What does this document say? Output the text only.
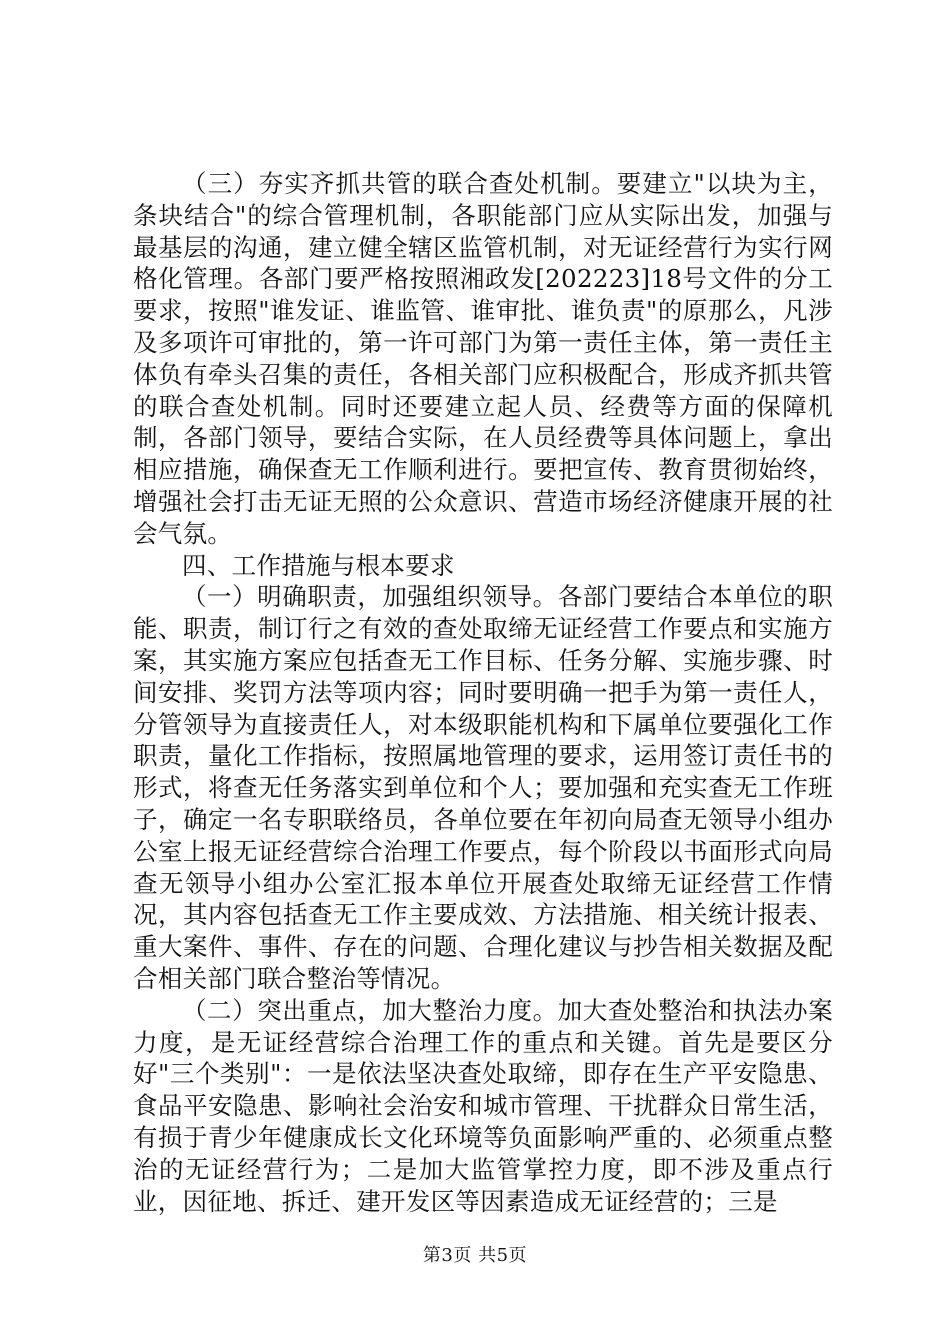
（三）夯实齐抓共管的联合查处机制。要建立"以块为主，条块结合"的综合管理机制，各职能部门应从实际出发，加强与最基层的沟通，建立健全辖区监管机制，对无证经营行为实行网格化管理。各部门要严格按照湘政发[202223]18号文件的分工要求，按照"谁发证、谁监管、谁审批、谁负责"的原那么，凡涉及多项许可审批的，第一许可部门为第一责任主体，第一责任主体负有牵头召集的责任，各相关部门应积极配合，形成齐抓共管的联合查处机制。同时还要建立起人员、经费等方面的保障机制，各部门领导，要结合实际，在人员经费等具体问题上，拿出相应措施，确保查无工作顺利进行。要把宣传、教育贯彻始终，增强社会打击无证无照的公众意识、营造市场经济健康开展的社会气氛。

四、工作措施与根本要求

（一）明确职责，加强组织领导。各部门要结合本单位的职能、职责，制订行之有效的查处取缔无证经营工作要点和实施方案，其实施方案应包括查无工作目标、任务分解、实施步骤、时间安排、奖罚方法等项内容；同时要明确一把手为第一责任人，分管领导为直接责任人，对本级职能机构和下属单位要强化工作职责，量化工作指标，按照属地管理的要求，运用签订责任书的形式，将查无任务落实到单位和个人；要加强和充实查无工作班子，确定一名专职联络员，各单位要在年初向局查无领导小组办公室上报无证经营综合治理工作要点，每个阶段以书面形式向局查无领导小组办公室汇报本单位开展查处取缔无证经营工作情况，其内容包括查无工作主要成效、方法措施、相关统计报表、重大案件、事件、存在的问题、合理化建议与抄告相关数据及配合相关部门联合整治等情况。

（二）突出重点，加大整治力度。加大查处整治和执法办案力度，是无证经营综合治理工作的重点和关键。首先是要区分好"三个类别"：一是依法坚决查处取缔，即存在生产平安隐患、食品平安隐患、影响社会治安和城市管理、干扰群众日常生活，有损于青少年健康成长文化环境等负面影响严重的、必须重点整治的无证经营行为；二是加大监管掌控力度，即不涉及重点行业，因征地、拆迁、建开发区等因素造成无证经营的；三是

第3页 共5页
